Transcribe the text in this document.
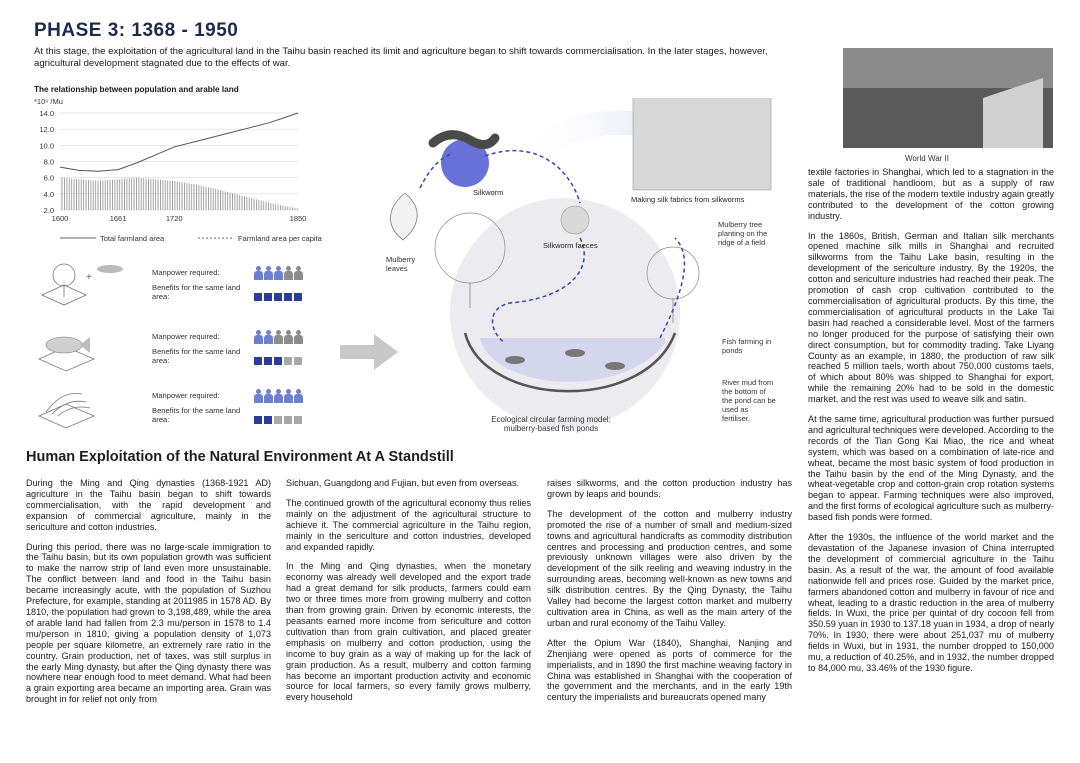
PHASE 3: 1368 - 1950
At this stage, the exploitation of the agricultural land in the Taihu basin reached its limit and agriculture began to shift towards commercialisation. In the later stages, however, agricultural development stagnated due to the effects of war.
The relationship between population and arable land
*10⁶ /Mu
2.0
4.0
6.0
8.0
10.0
12.0
14.0
1600	1661	1720	1850
Total farmland area	Farmland area per capita
+	Manpower required:
Benefits for the same land area:
Manpower required:
Benefits for the same land area:
Manpower required:
Benefits for the same land area:
Silkworm
Silkworm faeces
Making silk fabrics from silkworms
Mulberry leaves
Mulberry tree planting on the ridge of a field
Fish farming in ponds
River mud from the bottom of the pond can be used as fertiliser.
Ecological circular farming model: mulberry-based fish ponds
World War II

textile factories in Shanghai, which led to a stagnation in the sale of traditional handloom, but as a supply of raw materials, the rise of the modern textile industry again greatly contributed to the development of the cotton growing industry.

In the 1860s, British, German and Italian silk merchants opened machine silk mills in Shanghai and recruited silkworms from the Taihu Lake basin, resulting in the development of the sericulture industry. By the 1920s, the cotton and sericulture industries had reached their peak. The promotion of cash crop cultivation contributed to the commercialisation of agricultural products. By this time, the commercialisation of agricultural products in the Lake Tai basin had reached a considerable level. Most of the farmers no longer produced for the purpose of satisfying their own direct consumption, but for commodity trading. Take Liyang County as an example, in 1880, the production of raw silk reached 5 million taels, worth about 750,000 customs taels, of which about 80% was shipped to Shanghai for export, while the remaining 20% had to be sold in the domestic market, and the rest was used to weave silk and satin.

At the same time, agricultural production was further pursued and agricultural techniques were developed. According to the records of the Tian Gong Kai Miao, the rice and wheat system, which was based on a combination of late-rice and wheat, became the most basic system of food production in the Taihu basin by the end of the Ming Dynasty, and the wheat-vegetable crop and cotton-grain crop rotation systems began to appear. Farming techniques were also improved, and the first forms of ecological agriculture such as mulberry-based fish ponds were formed.

After the 1930s, the influence of the world market and the devastation of the Japanese invasion of China interrupted the development of commercial agriculture in the Taihu basin. As a result of the war, the amount of food available nationwide fell and prices rose. Guided by the market price, farmers abandoned cotton and mulberry in favour of rice and wheat, leading to a drastic reduction in the area of mulberry fields. In Wuxi, the price per quintal of dry cocoon fell from 350.59 yuan in 1930 to 137.18 yuan in 1934, a drop of nearly 70%. In 1930, there were about 251,037 mu of mulberry fields in Wuxi, but in 1931, the number dropped to 150,000 mu, a reduction of 40.25%, and in 1932, the number dropped to 84,000 mu, 33.46% of the 1930 figure.

Human Exploitation of the Natural Environment At A Standstill

During the Ming and Qing dynasties (1368-1921 AD) agriculture in the Taihu basin began to shift towards commercialisation, with the rapid development and expansion of commercial agriculture, mainly in the sericulture and cotton industries.

During this period, there was no large-scale immigration to the Taihu basin, but its own population growth was sufficient to make the narrow strip of land even more unsustainable. The conflict between land and food in the Taihu basin became increasingly acute, with the population of Suzhou Prefecture, for example, standing at 2011985 in 1578 AD. By 1810, the population had grown to 3,198,489, while the area of arable land had fallen from 2.3 mu/person in 1578 to 1.4 mu/person in 1810, giving a population density of 1,073 people per square kilometre, an extremely rare ratio in the country. Grain production, net of taxes, was still surplus in the early Ming dynasty, but after the Qing dynasty there was nowhere near enough food to meet demand. What had been a grain exporting area became an importing area. Grain was brought in for relief not only from

Sichuan, Guangdong and Fujian, but even from overseas.

The continued growth of the agricultural economy thus relies mainly on the adjustment of the agricultural structure to achieve it. The commercial agriculture in the Taihu region, mainly in the sericulture and cotton industries, developed and expanded rapidly.

In the Ming and Qing dynasties, when the monetary economy was already well developed and the export trade had a great demand for silk products, farmers could earn two or three times more from growing mulberry and cotton than from growing grain. Driven by economic interests, the peasants earned more income from sericulture and cotton cultivation than from grain cultivation, and placed greater emphasis on mulberry and cotton production, using the income to buy grain as a way of making up for the lack of grain production. As a result, mulberry and cotton farming has become an important production activity and economic source for local farmers, so every family grows mulberry, every household

raises silkworms, and the cotton production industry has grown by leaps and bounds.

The development of the cotton and mulberry industry promoted the rise of a number of small and medium-sized towns and agricultural handicrafts as commodity distribution centres and processing and production centres, and some previously unknown villages were also driven by the development of the silk reeling and weaving industry in the surrounding areas, becoming well-known as new towns and silk distribution centres. By the Qing Dynasty, the Taihu Valley had become the largest cotton market and mulberry cultivation area in China, as well as the main artery of the urban and rural economy of the Taihu Valley.

After the Opium War (1840), Shanghai, Nanjing and Zhenjiang were opened as ports of commerce for the imperialists, and in 1890 the first machine weaving factory in China was established in Shanghai with the cooperation of the government and the merchants, and in the early 19th century the imperialists and bureaucrats opened many
